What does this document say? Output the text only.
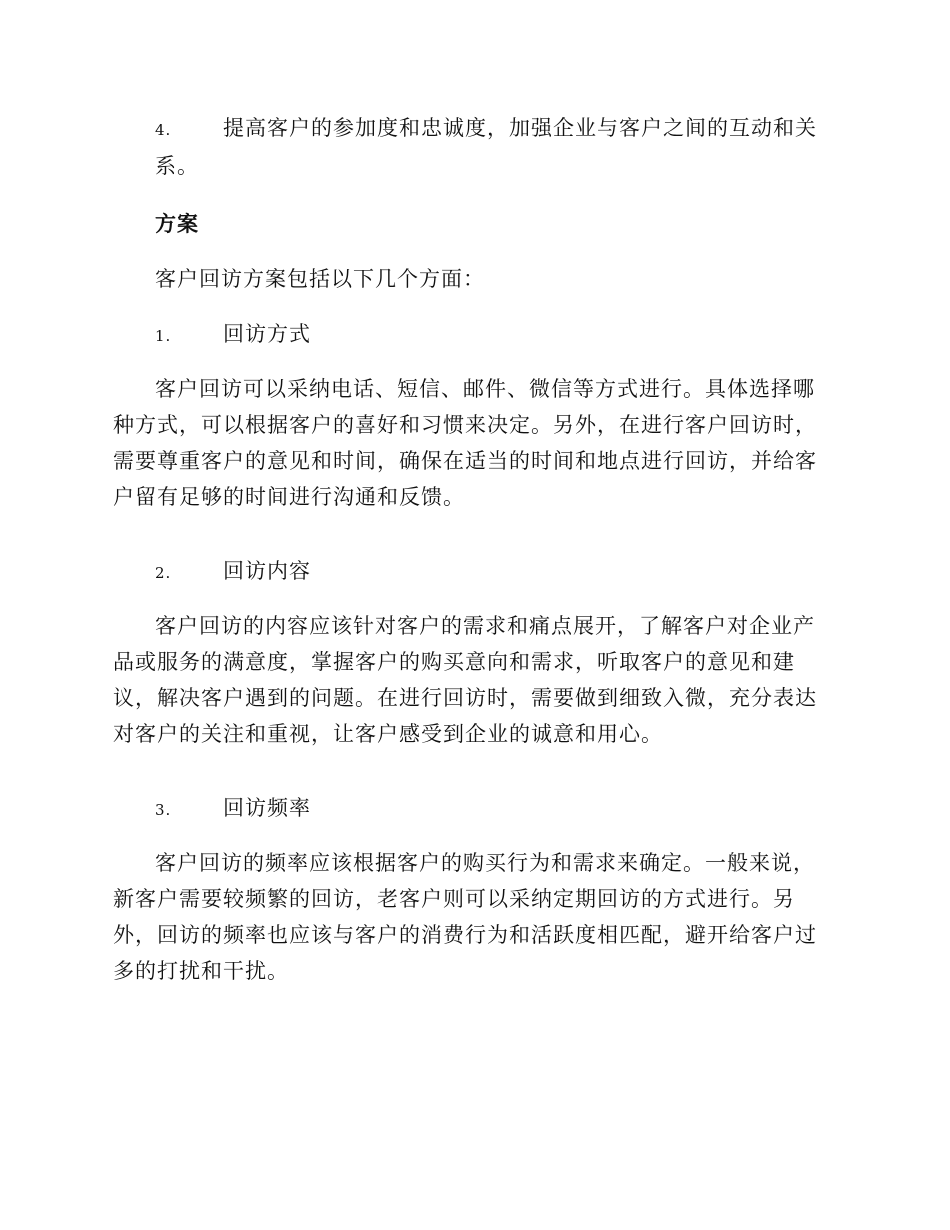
4. 提高客户的参加度和忠诚度，加强企业与客户之间的互动和关系。
方案
客户回访方案包括以下几个方面：
1. 回访方式
客户回访可以采纳电话、短信、邮件、微信等方式进行。具体选择哪种方式，可以根据客户的喜好和习惯来决定。另外，在进行客户回访时，需要尊重客户的意见和时间，确保在适当的时间和地点进行回访，并给客户留有足够的时间进行沟通和反馈。
2. 回访内容
客户回访的内容应该针对客户的需求和痛点展开，了解客户对企业产品或服务的满意度，掌握客户的购买意向和需求，听取客户的意见和建议，解决客户遇到的问题。在进行回访时，需要做到细致入微，充分表达对客户的关注和重视，让客户感受到企业的诚意和用心。
3. 回访频率
客户回访的频率应该根据客户的购买行为和需求来确定。一般来说，新客户需要较频繁的回访，老客户则可以采纳定期回访的方式进行。另外，回访的频率也应该与客户的消费行为和活跃度相匹配，避开给客户过多的打扰和干扰。
